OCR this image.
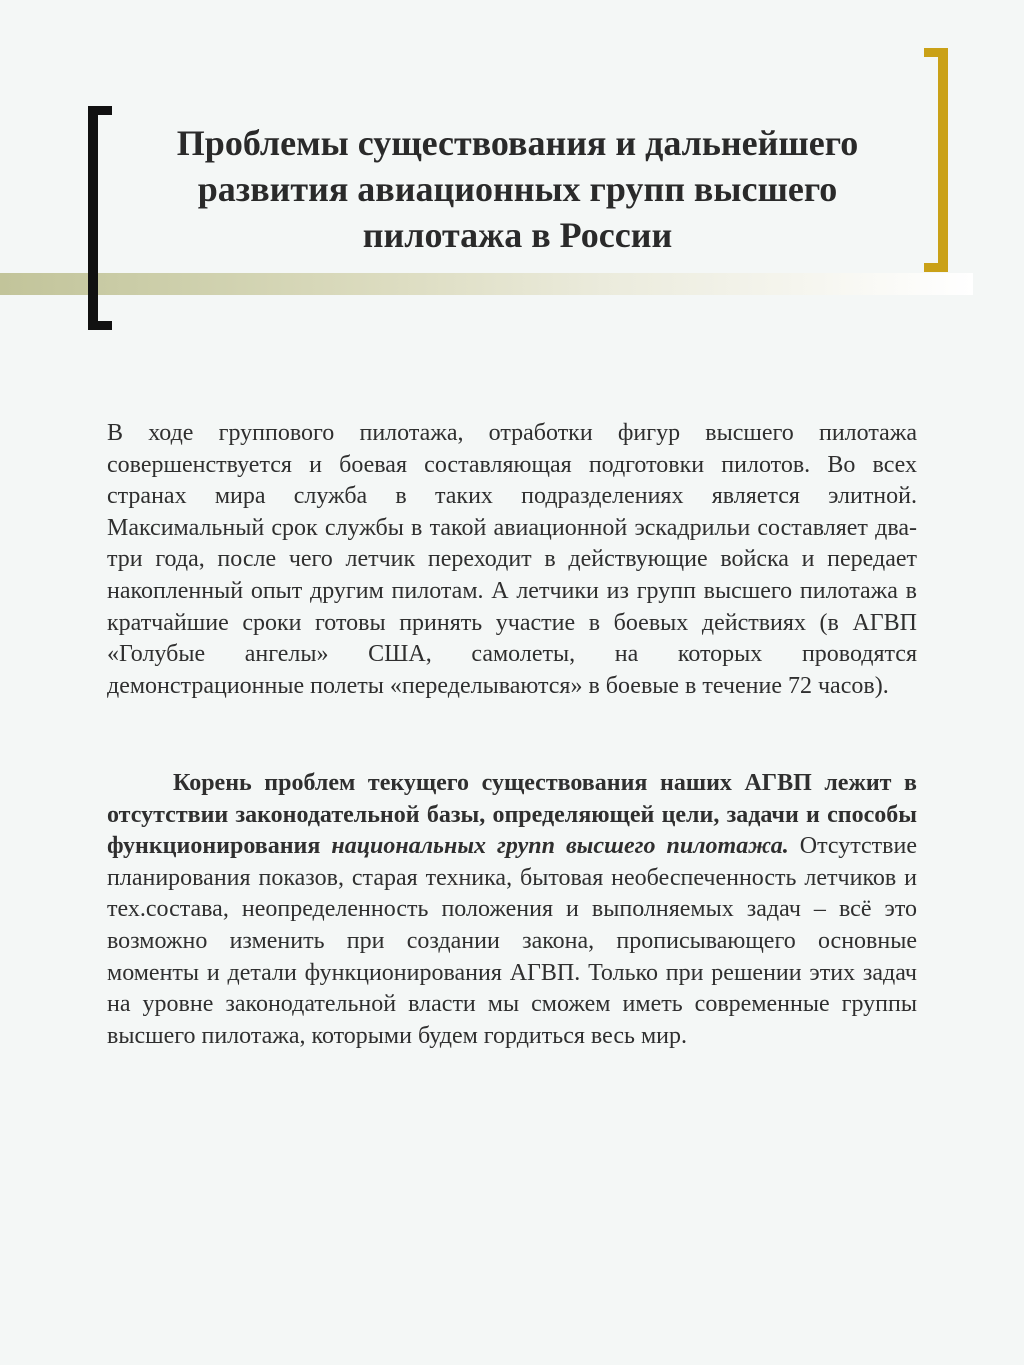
Проблемы существования и дальнейшего развития авиационных групп высшего пилотажа в России

В ходе группового пилотажа, отработки фигур высшего пилотажа совершенствуется и боевая составляющая подготовки пилотов. Во всех странах мира служба в таких подразделениях является элитной. Максимальный срок службы в такой авиационной эскадрильи составляет два-три года, после чего летчик переходит в действующие войска и передает накопленный опыт другим пилотам. А летчики из групп высшего пилотажа в кратчайшие сроки готовы принять участие в боевых действиях (в АГВП «Голубые ангелы» США, самолеты, на которых проводятся демонстрационные полеты «переделываются» в боевые в течение 72 часов).

Корень проблем текущего существования наших АГВП лежит в отсутствии законодательной базы, определяющей цели, задачи и способы функционирования национальных групп высшего пилотажа. Отсутствие планирования показов, старая техника, бытовая необеспеченность летчиков и тех.состава, неопределенность положения и выполняемых задач – всё это возможно изменить при создании закона, прописывающего основные моменты и детали функционирования АГВП. Только при решении этих задач на уровне законодательной власти мы сможем иметь современные группы высшего пилотажа, которыми будем гордиться весь мир.
